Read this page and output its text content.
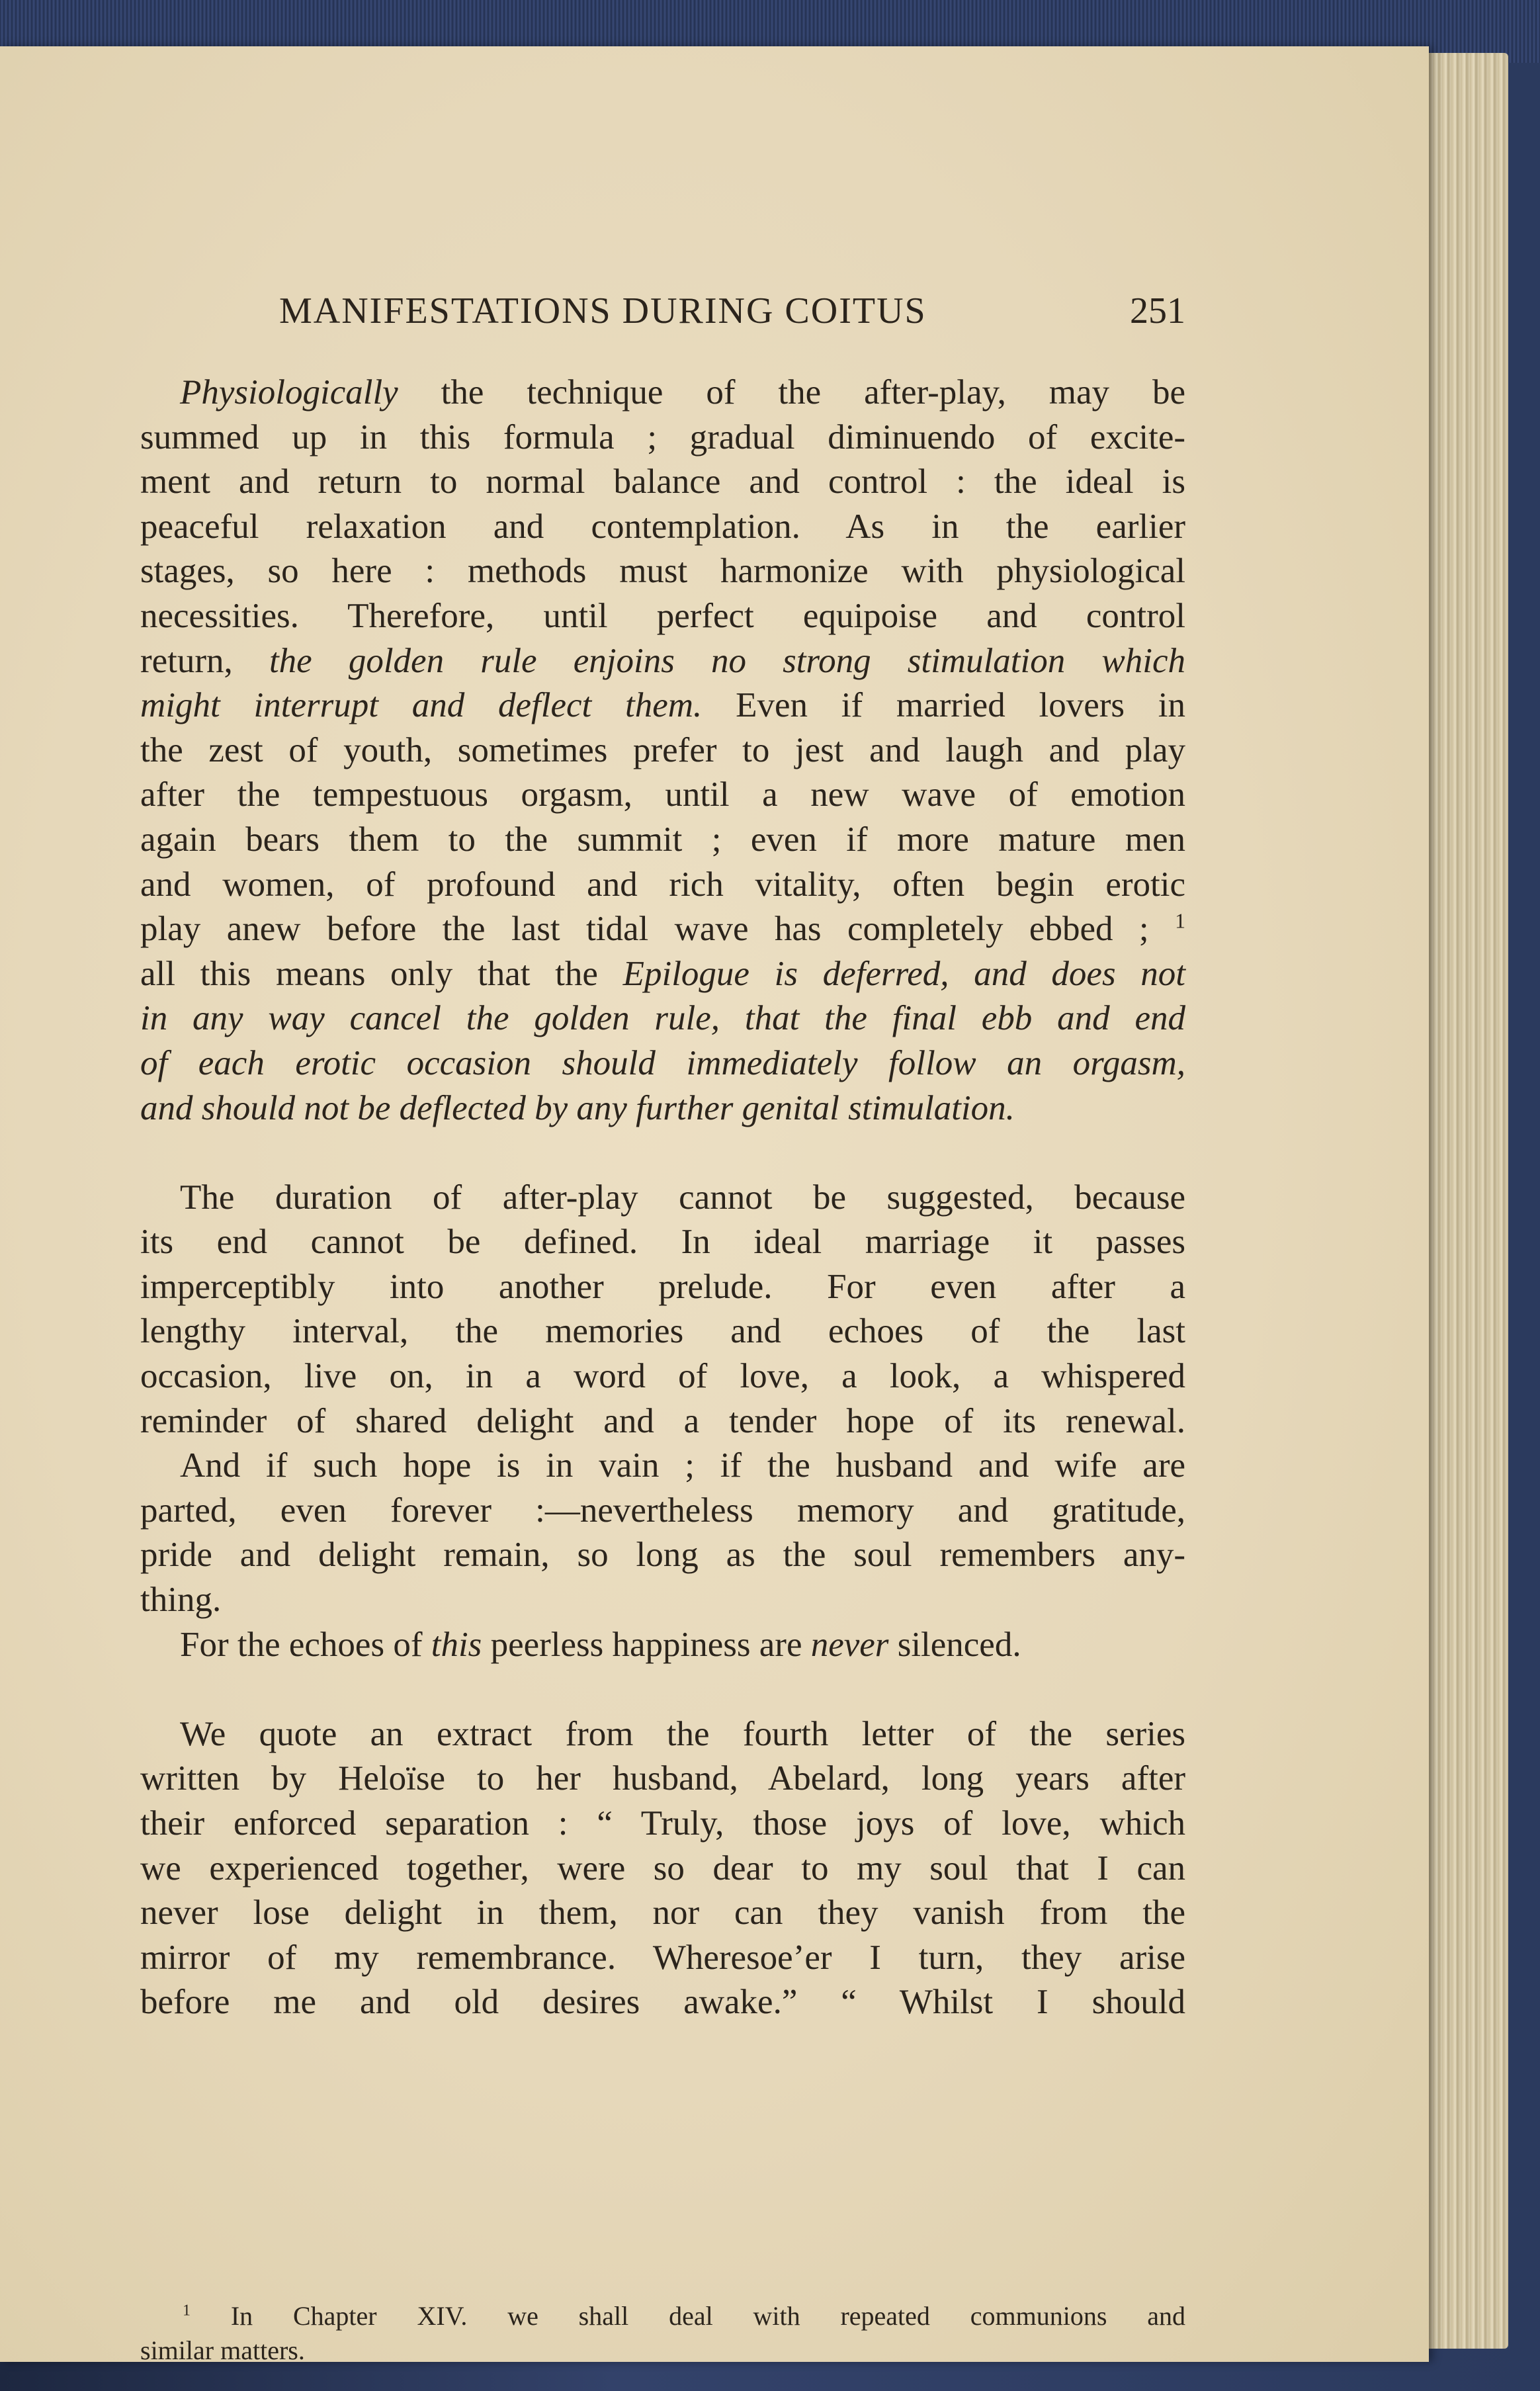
MANIFESTATIONS DURING COITUS	251
Physiologically the technique of the after-play, may be
summed up in this formula ; gradual diminuendo of excite-
ment and return to normal balance and control : the ideal is
peaceful relaxation and contemplation. As in the earlier
stages, so here : methods must harmonize with physiological
necessities. Therefore, until perfect equipoise and control
return, the golden rule enjoins no strong stimulation which
might interrupt and deflect them. Even if married lovers in
the zest of youth, sometimes prefer to jest and laugh and play
after the tempestuous orgasm, until a new wave of emotion
again bears them to the summit ; even if more mature men
and women, of profound and rich vitality, often begin erotic
play anew before the last tidal wave has completely ebbed ; $^1$
all this means only that the Epilogue is deferred, and does not
in any way cancel the golden rule, that the final ebb and end
of each erotic occasion should immediately follow an orgasm,
and should not be deflected by any further genital stimulation.
The duration of after-play cannot be suggested, because
its end cannot be defined. In ideal marriage it passes
imperceptibly into another prelude. For even after a
lengthy interval, the memories and echoes of the last
occasion, live on, in a word of love, a look, a whispered
reminder of shared delight and a tender hope of its renewal.
And if such hope is in vain ; if the husband and wife are
parted, even forever :—nevertheless memory and gratitude,
pride and delight remain, so long as the soul remembers any-
thing.
For the echoes of this peerless happiness are never silenced.
We quote an extract from the fourth letter of the series
written by Heloïse to her husband, Abelard, long years after
their enforced separation : “ Truly, those joys of love, which
we experienced together, were so dear to my soul that I can
never lose delight in them, nor can they vanish from the
mirror of my remembrance. Wheresoe’er I turn, they arise
before me and old desires awake.” “ Whilst I should
$^1$ In Chapter XIV. we shall deal with repeated communions and
similar matters.
